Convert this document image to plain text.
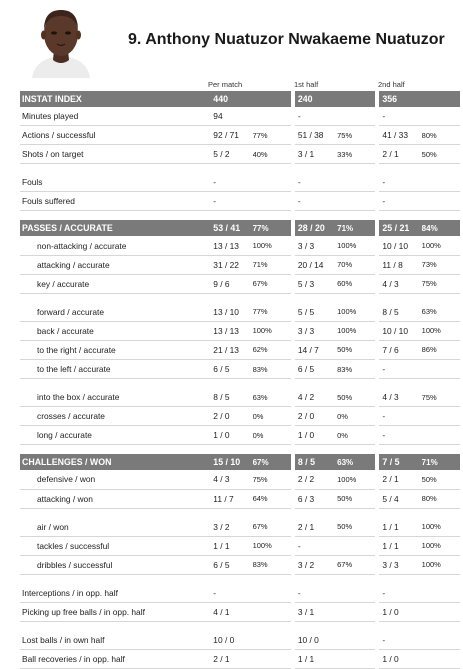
9. Anthony Nuatuzor Nwakaeme Nuatuzor
Per match	1st half	2nd half
INSTAT INDEX	440			240			356	
Minutes played	94			-			-	
Actions / successful	92 / 71	77%		51 / 38	75%		41 / 33	80%
Shots / on target	5 / 2	40%		3 / 1	33%		2 / 1	50%

Fouls	-			-			-	
Fouls suffered	-			-			-	

PASSES / ACCURATE	53 / 41	77%		28 / 20	71%		25 / 21	84%
non-attacking / accurate	13 / 13	100%		3 / 3	100%		10 / 10	100%
attacking / accurate	31 / 22	71%		20 / 14	70%		11 / 8	73%
key / accurate	9 / 6	67%		5 / 3	60%		4 / 3	75%

forward / accurate	13 / 10	77%		5 / 5	100%		8 / 5	63%
back / accurate	13 / 13	100%		3 / 3	100%		10 / 10	100%
to the right / accurate	21 / 13	62%		14 / 7	50%		7 / 6	86%
to the left / accurate	6 / 5	83%		6 / 5	83%		-	

into the box / accurate	8 / 5	63%		4 / 2	50%		4 / 3	75%
crosses / accurate	2 / 0	0%		2 / 0	0%		-	
long / accurate	1 / 0	0%		1 / 0	0%		-	

CHALLENGES / WON	15 / 10	67%		8 / 5	63%		7 / 5	71%
defensive / won	4 / 3	75%		2 / 2	100%		2 / 1	50%
attacking / won	11 / 7	64%		6 / 3	50%		5 / 4	80%

air / won	3 / 2	67%		2 / 1	50%		1 / 1	100%
tackles / successful	1 / 1	100%		-			1 / 1	100%
dribbles / successful	6 / 5	83%		3 / 2	67%		3 / 3	100%

Interceptions / in opp. half	-			-			-	
Picking up free balls / in opp. half	4 / 1			3 / 1			1 / 0	

Lost balls / in own half	10 / 0			10 / 0			-	
Ball recoveries / in opp. half	2 / 1			1 / 1			1 / 0	
